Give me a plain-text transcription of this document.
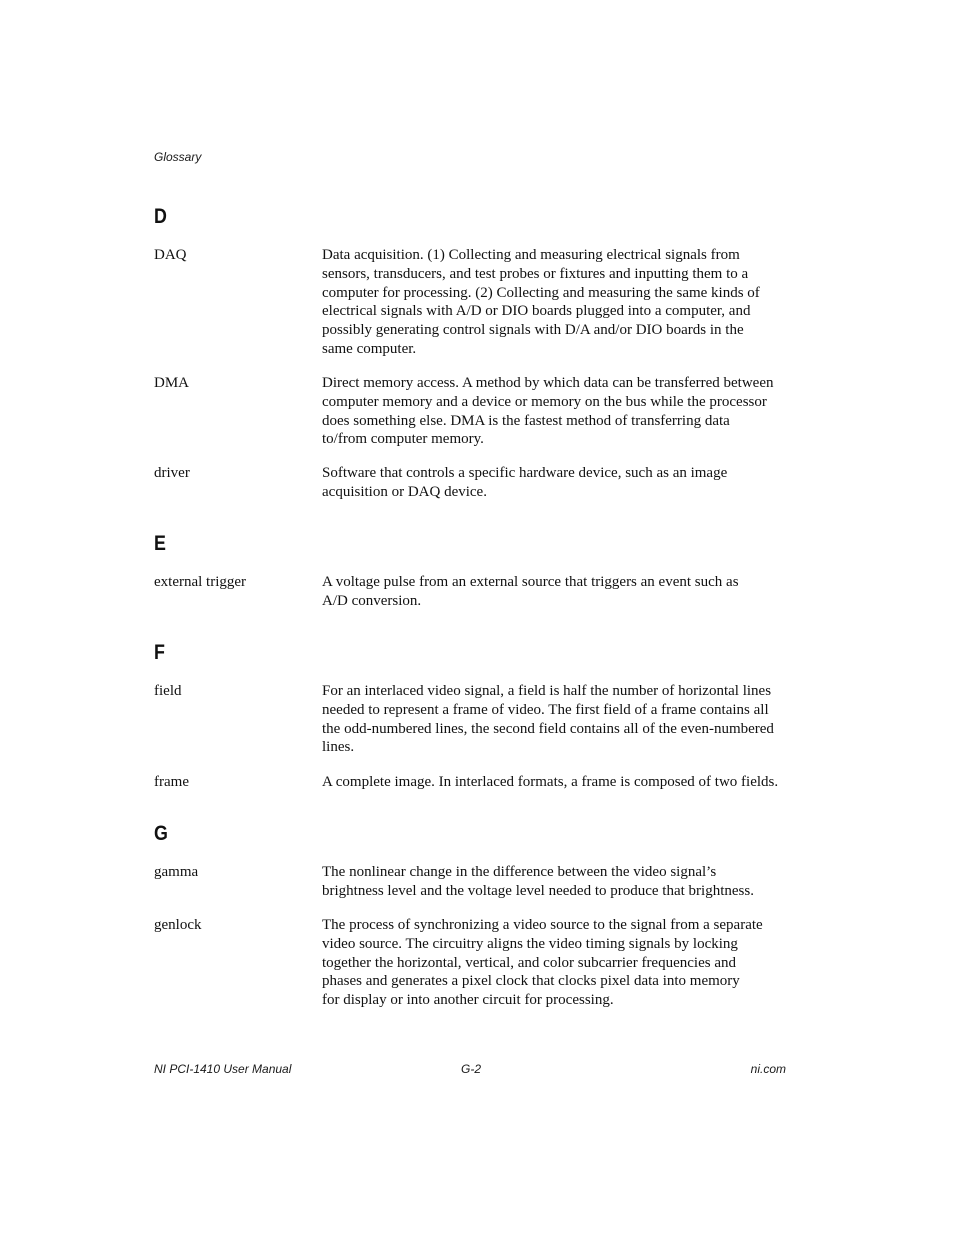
Glossary
D
DAQ	Data acquisition. (1) Collecting and measuring electrical signals from
sensors, transducers, and test probes or fixtures and inputting them to a
computer for processing. (2) Collecting and measuring the same kinds of
electrical signals with A/D or DIO boards plugged into a computer, and
possibly generating control signals with D/A and/or DIO boards in the
same computer.
DMA	Direct memory access. A method by which data can be transferred between
computer memory and a device or memory on the bus while the processor
does something else. DMA is the fastest method of transferring data
to/from computer memory.
driver	Software that controls a specific hardware device, such as an image
acquisition or DAQ device.
E
external trigger	A voltage pulse from an external source that triggers an event such as
A/D conversion.
F
field	For an interlaced video signal, a field is half the number of horizontal lines
needed to represent a frame of video. The first field of a frame contains all
the odd-numbered lines, the second field contains all of the even-numbered
lines.
frame	A complete image. In interlaced formats, a frame is composed of two fields.
G
gamma	The nonlinear change in the difference between the video signal’s
brightness level and the voltage level needed to produce that brightness.
genlock	The process of synchronizing a video source to the signal from a separate
video source. The circuitry aligns the video timing signals by locking
together the horizontal, vertical, and color subcarrier frequencies and
phases and generates a pixel clock that clocks pixel data into memory
for display or into another circuit for processing.
NI PCI-1410 User Manual	G-2	ni.com
